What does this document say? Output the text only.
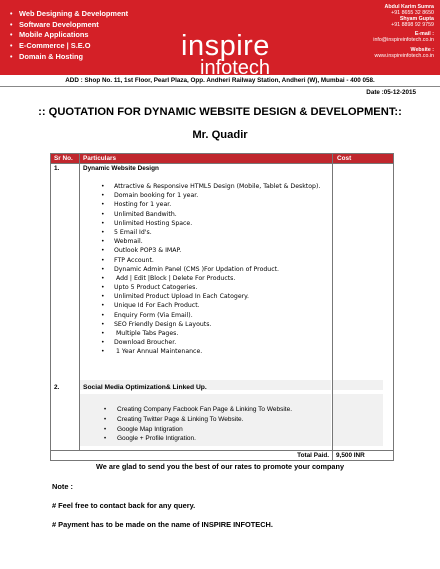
• Web Designing & Development
• Software Development
• Mobile Applications
• E-Commerce | S.E.O
• Domain & Hosting	inspire
infotech
Abdul Karim Sumra
+91 8655 32 8650
Shyam Gupta
+91 8898 92 9759
E-mail :
info@inspireinfotech.co.in
Website :
www.inspireinfotech.co.in
ADD : Shop No. 11, 1st Floor, Pearl Plaza, Opp. Andheri Railway Station, Andheri (W), Mumbai - 400 058.
Date :05-12-2015
:: QUOTATION FOR DYNAMIC WEBSITE DESIGN & DEVELOPMENT::
Mr. Quadir
Sr No. Particulars	Cost
1.	Dynamic Website Design
• Attractive & Responsive HTML5 Design (Mobile, Tablet & Desktop).
• Domain booking for 1 year.
• Hosting for 1 year.
• Unlimited Bandwith.
• Unlimited Hosting Space.
• 5 Email Id's.
• Webmail.
• Outlook POP3 & IMAP.
• FTP Account.
• Dynamic Admin Panel (CMS )For Updation of Product.
• Add | Edit |Block | Delete For Products.
• Upto 5 Product Catogeries.
• Unlimited Product Upload In Each Catogery.
• Unique Id For Each Product.
• Enquiry Form (Via Email).
• SEO Friendly Design & Layouts.
• Multiple Tabs Pages.
• Download Broucher.
• 1 Year Annual Maintenance.
2.	Social Media Optimization& Linked Up.
• Creating Company Facbook Fan Page & Linking To Website.
• Creating Twitter Page & Linking To Website.
• Google Map Intigration
• Google + Profile Intigration.
Total Paid. 9,500 INR
We are glad to send you the best of our rates to promote your company
Note :
# Feel free to contact back for any query.
# Payment has to be made on the name of INSPIRE INFOTECH.
